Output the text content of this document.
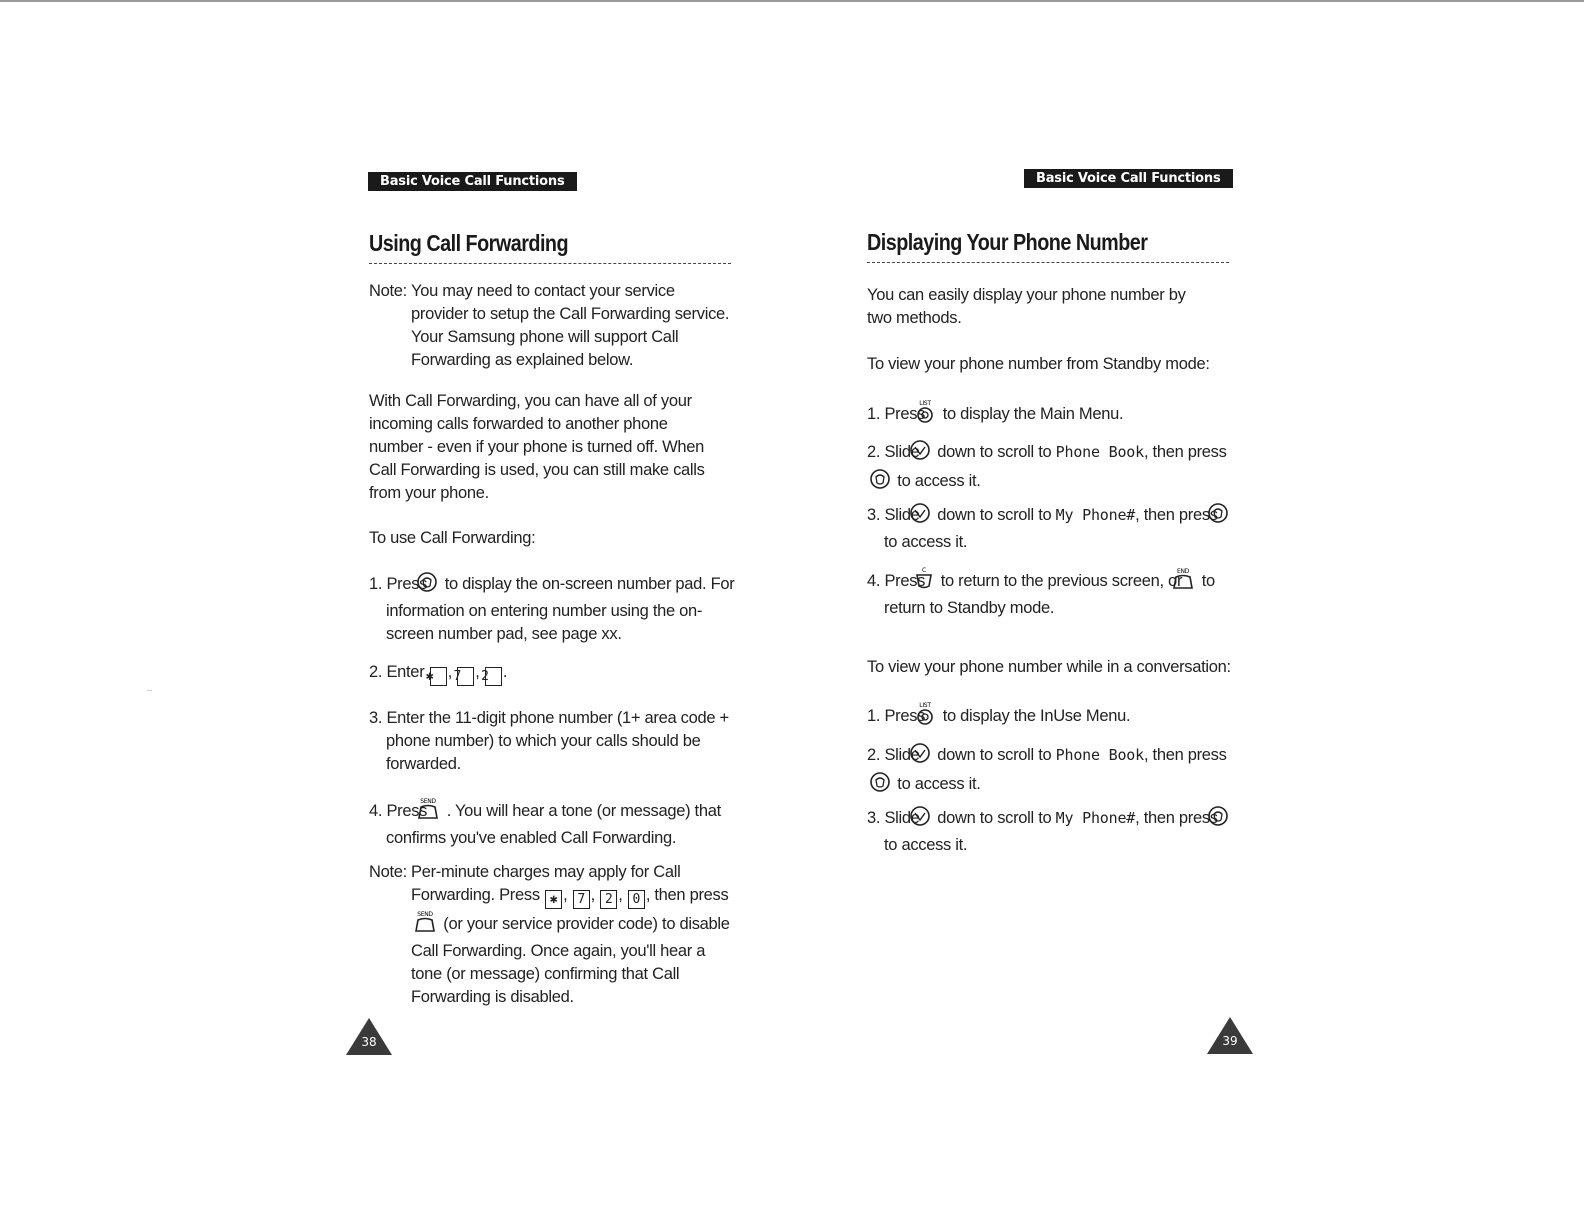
Basic Voice Call Functions
Using Call Forwarding

Note: You may need to contact your service provider to setup the Call Forwarding service. Your Samsung phone will support Call Forwarding as explained below.

With Call Forwarding, you can have all of your incoming calls forwarded to another phone number - even if your phone is turned off. When Call Forwarding is used, you can still make calls from your phone.

To use Call Forwarding:

1. Press to display the on-screen number pad. For information on entering number using the on-screen number pad, see page xx.

2. Enter ✱ , 7 , 2 .

3. Enter the 11-digit phone number (1+ area code + phone number) to which your calls should be forwarded.

4. Press
SEND
. You will hear a tone (or message) that confirms you've enabled Call Forwarding.

Note: Per-minute charges may apply for Call Forwarding. Press ✱ , 7 , 2 , 0 , then press
SEND
(or your service provider code) to disable Call Forwarding. Once again, you'll hear a tone (or message) confirming that Call Forwarding is disabled.

38
Basic Voice Call Functions
Displaying Your Phone Number

You can easily display your phone number by two methods.

To view your phone number from Standby mode:

1. Press
LIST
to display the Main Menu.

2. Slide down to scroll to Phone Book, then press  to access it.

3. Slide down to scroll to My Phone#, then press  to access it.

4. Press
C
to return to the previous screen, or
END
to return to Standby mode.

To view your phone number while in a conversation:

1. Press
LIST
to display the InUse Menu.

2. Slide down to scroll to Phone Book, then press  to access it.

3. Slide down to scroll to My Phone#, then press  to access it.

39
